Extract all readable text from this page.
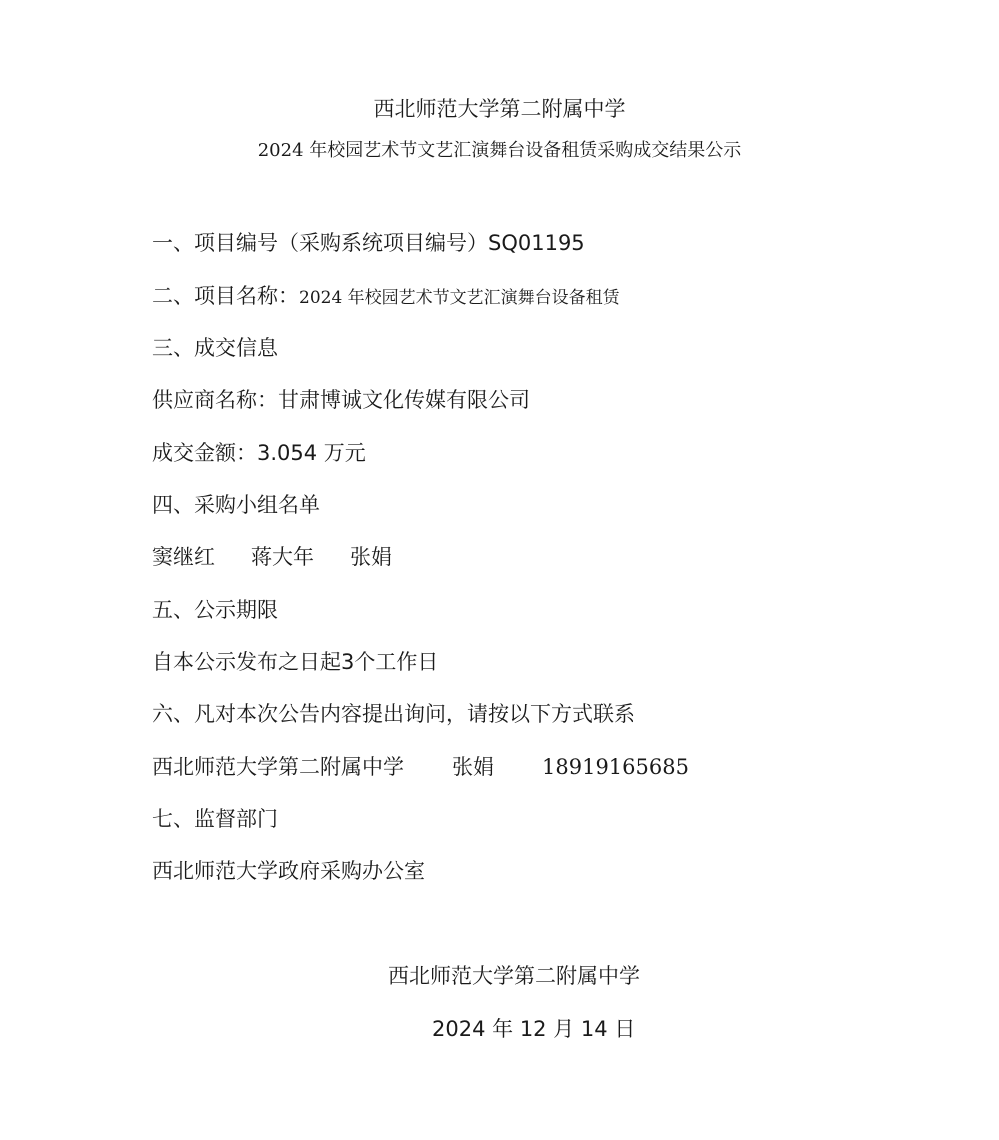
西北师范大学第二附属中学
2024 年校园艺术节文艺汇演舞台设备租赁采购成交结果公示
一、项目编号（采购系统项目编号）SQ01195
二、项目名称：2024 年校园艺术节文艺汇演舞台设备租赁
三、成交信息
供应商名称：甘肃博诚文化传媒有限公司
成交金额：3.054 万元
四、采购小组名单
窦继红 蒋大年 张娟
五、公示期限
自本公示发布之日起3个工作日
六、凡对本次公告内容提出询问，请按以下方式联系
西北师范大学第二附属中学 张娟 18919165685
七、监督部门
西北师范大学政府采购办公室
西北师范大学第二附属中学
2024 年 12 月 14 日
